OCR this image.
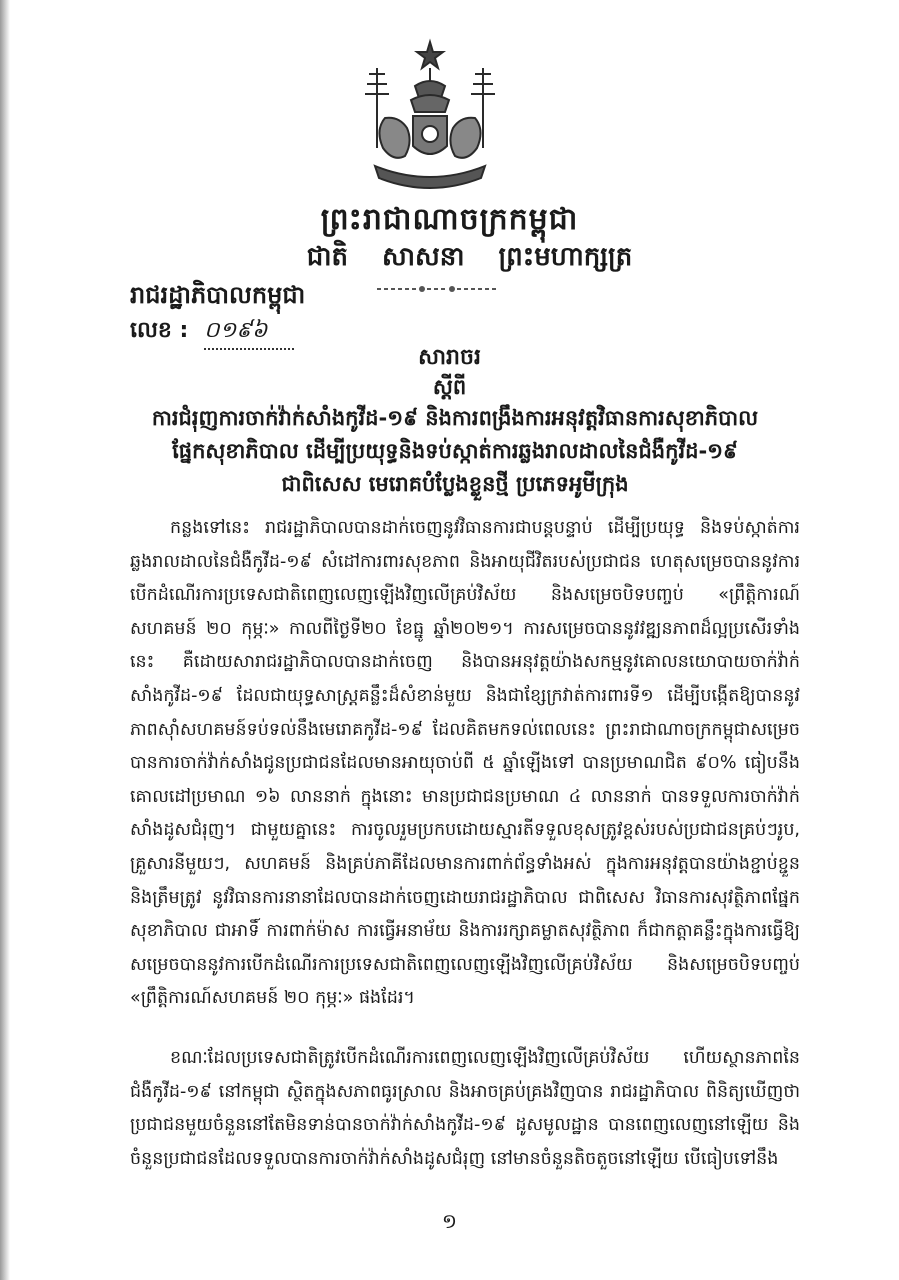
ព្រះរាជាណាចក្រកម្ពុជា
ជាតិ សាសនា ព្រះមហាក្សត្រ
រាជរដ្ឋាភិបាលកម្ពុជា
លេខ : ០១៩៦
សារាចរ
ស្តីពី
ការជំរុញការចាក់វ៉ាក់សាំងកូវីដ-១៩ និងការពង្រឹងការអនុវត្តវិធានការសុខាភិបាល
ផ្នែកសុខាភិបាល ដើម្បីប្រយុទ្ធនិងទប់ស្កាត់ការឆ្លងរាលដាលនៃជំងឺកូវីដ-១៩
ជាពិសេស មេរោគបំប្លែងខ្លួនថ្មី ប្រភេទអូមីក្រុង

កន្លងទៅនេះ រាជរដ្ឋាភិបាលបានដាក់ចេញនូវវិធានការជាបន្តបន្ទាប់ ដើម្បីប្រយុទ្ធ និងទប់ស្កាត់ការឆ្លងរាលដាលនៃជំងឺកូវីដ-១៩ សំដៅការពារសុខភាព និងអាយុជីវិតរបស់ប្រជាជន ហេតុសម្រេចបាននូវការបើកដំណើរការប្រទេសជាតិពេញលេញឡើងវិញលើគ្រប់វិស័យ និងសម្រេចបិទបញ្ចប់ «ព្រឹត្តិការណ៍សហគមន៍ ២០ កុម្ភៈ» កាលពីថ្ងៃទី២០ ខែធ្នូ ឆ្នាំ២០២១។ ការសម្រេចបាននូវវឌ្ឍនភាពដ៏ល្អប្រសើរទាំងនេះ គឺដោយសារាជរដ្ឋាភិបាលបានដាក់ចេញ និងបានអនុវត្តយ៉ាងសកម្មនូវគោលនយោបាយចាក់វ៉ាក់សាំងកូវីដ-១៩ ដែលជាយុទ្ធសាស្ត្រគន្លឹះដ៏សំខាន់មួយ និងជាខ្សែក្រវាត់ការពារទី១ ដើម្បីបង្កើតឱ្យបាននូវភាពស៊ាំសហគមន៍ទប់ទល់នឹងមេរោគកូវីដ-១៩ ដែលគិតមកទល់ពេលនេះ ព្រះរាជាណាចក្រកម្ពុជាសម្រេចបានការចាក់វ៉ាក់សាំងជូនប្រជាជនដែលមានអាយុចាប់ពី ៥ ឆ្នាំឡើងទៅ បានប្រមាណជិត ៩០% ធៀបនឹងគោលដៅប្រមាណ ១៦ លាននាក់ ក្នុងនោះ មានប្រជាជនប្រមាណ ៤ លាននាក់ បានទទួលការចាក់វ៉ាក់សាំងដូសជំរុញ។ ជាមួយគ្នានេះ ការចូលរួមប្រកបដោយស្មារតីទទួលខុសត្រូវខ្ពស់របស់ប្រជាជនគ្រប់ៗរូប, គ្រួសារនីមួយៗ, សហគមន៍ និងគ្រប់ភាគីដែលមានការពាក់ព័ន្ធទាំងអស់ ក្នុងការអនុវត្តបានយ៉ាងខ្ជាប់ខ្ជួន និងត្រឹមត្រូវ នូវវិធានការនានាដែលបានដាក់ចេញដោយរាជរដ្ឋាភិបាល ជាពិសេស វិធានការសុវត្ថិភាពផ្នែកសុខាភិបាល ជាអាទិ៍ ការពាក់ម៉ាស ការធ្វើអនាម័យ និងការរក្សាគម្លាតសុវត្ថិភាព ក៏ជាកត្តាគន្លឹះក្នុងការធ្វើឱ្យសម្រេចបាននូវការបើកដំណើរការប្រទេសជាតិពេញលេញឡើងវិញលើគ្រប់វិស័យ និងសម្រេចបិទបញ្ចប់ «ព្រឹត្តិការណ៍សហគមន៍ ២០ កុម្ភៈ» ផងដែរ។

ខណៈដែលប្រទេសជាតិត្រូវបើកដំណើរការពេញលេញឡើងវិញលើគ្រប់វិស័យ ហើយស្ថានភាពនៃជំងឺកូវីដ-១៩ នៅកម្ពុជា ស្ថិតក្នុងសភាពធូរស្រាល និងអាចគ្រប់គ្រងវិញបាន រាជរដ្ឋាភិបាល ពិនិត្យឃើញថាប្រជាជនមួយចំនួននៅតែមិនទាន់បានចាក់វ៉ាក់សាំងកូវីដ-១៩ ដូសមូលដ្ឋាន បានពេញលេញនៅឡើយ និងចំនួនប្រជាជនដែលទទួលបានការចាក់វ៉ាក់សាំងដូសជំរុញ នៅមានចំនួនតិចតួចនៅឡើយ បើធៀបទៅនឹង

១
